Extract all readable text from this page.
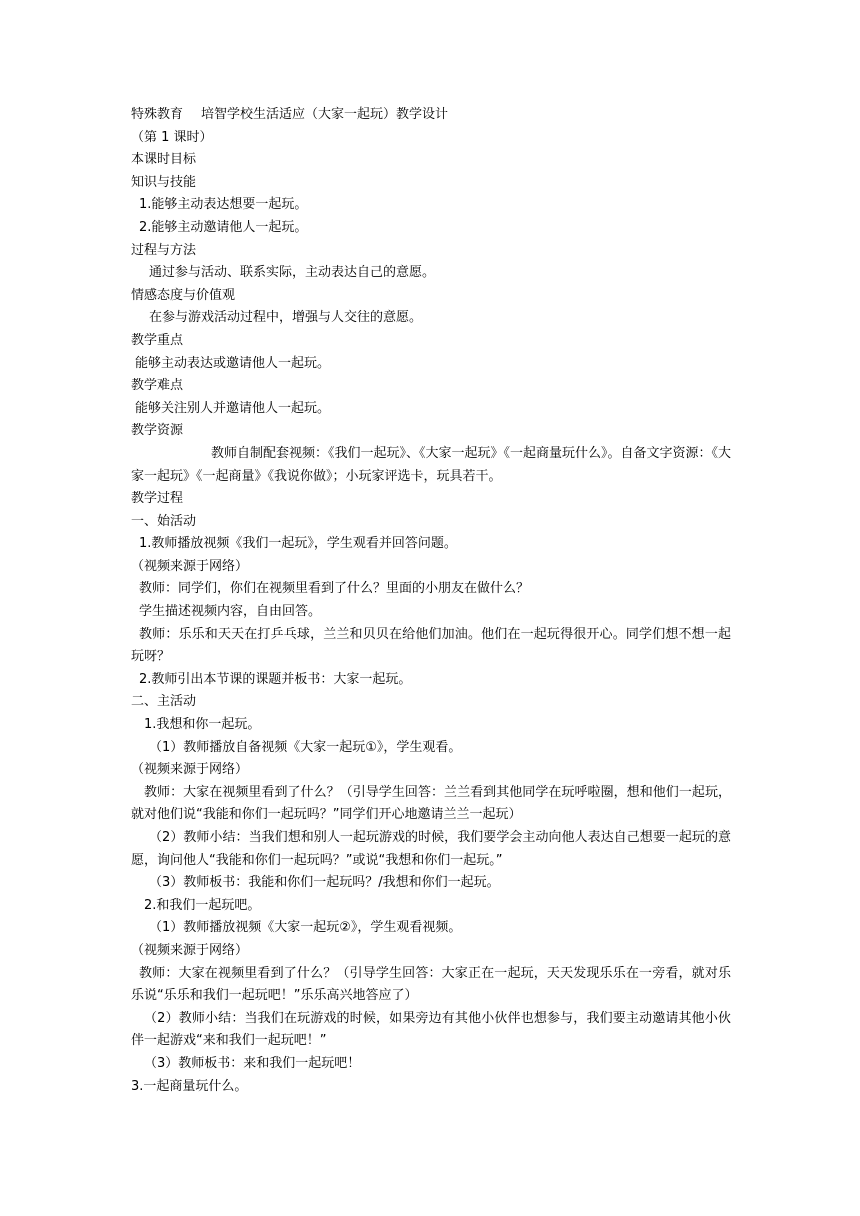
特殊教育 培智学校生活适应（大家一起玩）教学设计
（第 1 课时）
本课时目标
知识与技能
1.能够主动表达想要一起玩。
2.能够主动邀请他人一起玩。
过程与方法
通过参与活动、联系实际，主动表达自己的意愿。
情感态度与价值观
在参与游戏活动过程中，增强与人交往的意愿。
教学重点
能够主动表达或邀请他人一起玩。
教学难点
能够关注别人并邀请他人一起玩。
教学资源
教师自制配套视频：《我们一起玩》、《大家一起玩》《一起商量玩什么》。自备文字资源：《大家一起玩》《一起商量》《我说你做》；小玩家评选卡，玩具若干。
教学过程
一、始活动
1.教师播放视频《我们一起玩》，学生观看并回答问题。
（视频来源于网络）
教师：同学们，你们在视频里看到了什么？里面的小朋友在做什么？
学生描述视频内容，自由回答。
教师：乐乐和天天在打乒乓球，兰兰和贝贝在给他们加油。他们在一起玩得很开心。同学们想不想一起玩呀？
2.教师引出本节课的课题并板书：大家一起玩。
二、主活动
1.我想和你一起玩。
（1）教师播放自备视频《大家一起玩①》，学生观看。
（视频来源于网络）
教师：大家在视频里看到了什么？（引导学生回答：兰兰看到其他同学在玩呼啦圈，想和他们一起玩，就对他们说“我能和你们一起玩吗？”同学们开心地邀请兰兰一起玩）
（2）教师小结：当我们想和别人一起玩游戏的时候，我们要学会主动向他人表达自己想要一起玩的意愿，询问他人“我能和你们一起玩吗？”或说“我想和你们一起玩。”
（3）教师板书：我能和你们一起玩吗？/我想和你们一起玩。
2.和我们一起玩吧。
（1）教师播放视频《大家一起玩②》，学生观看视频。
（视频来源于网络）
教师：大家在视频里看到了什么？（引导学生回答：大家正在一起玩，天天发现乐乐在一旁看，就对乐乐说“乐乐和我们一起玩吧！”乐乐高兴地答应了）
（2）教师小结：当我们在玩游戏的时候，如果旁边有其他小伙伴也想参与，我们要主动邀请其他小伙伴一起游戏“来和我们一起玩吧！”
（3）教师板书：来和我们一起玩吧！
3.一起商量玩什么。
